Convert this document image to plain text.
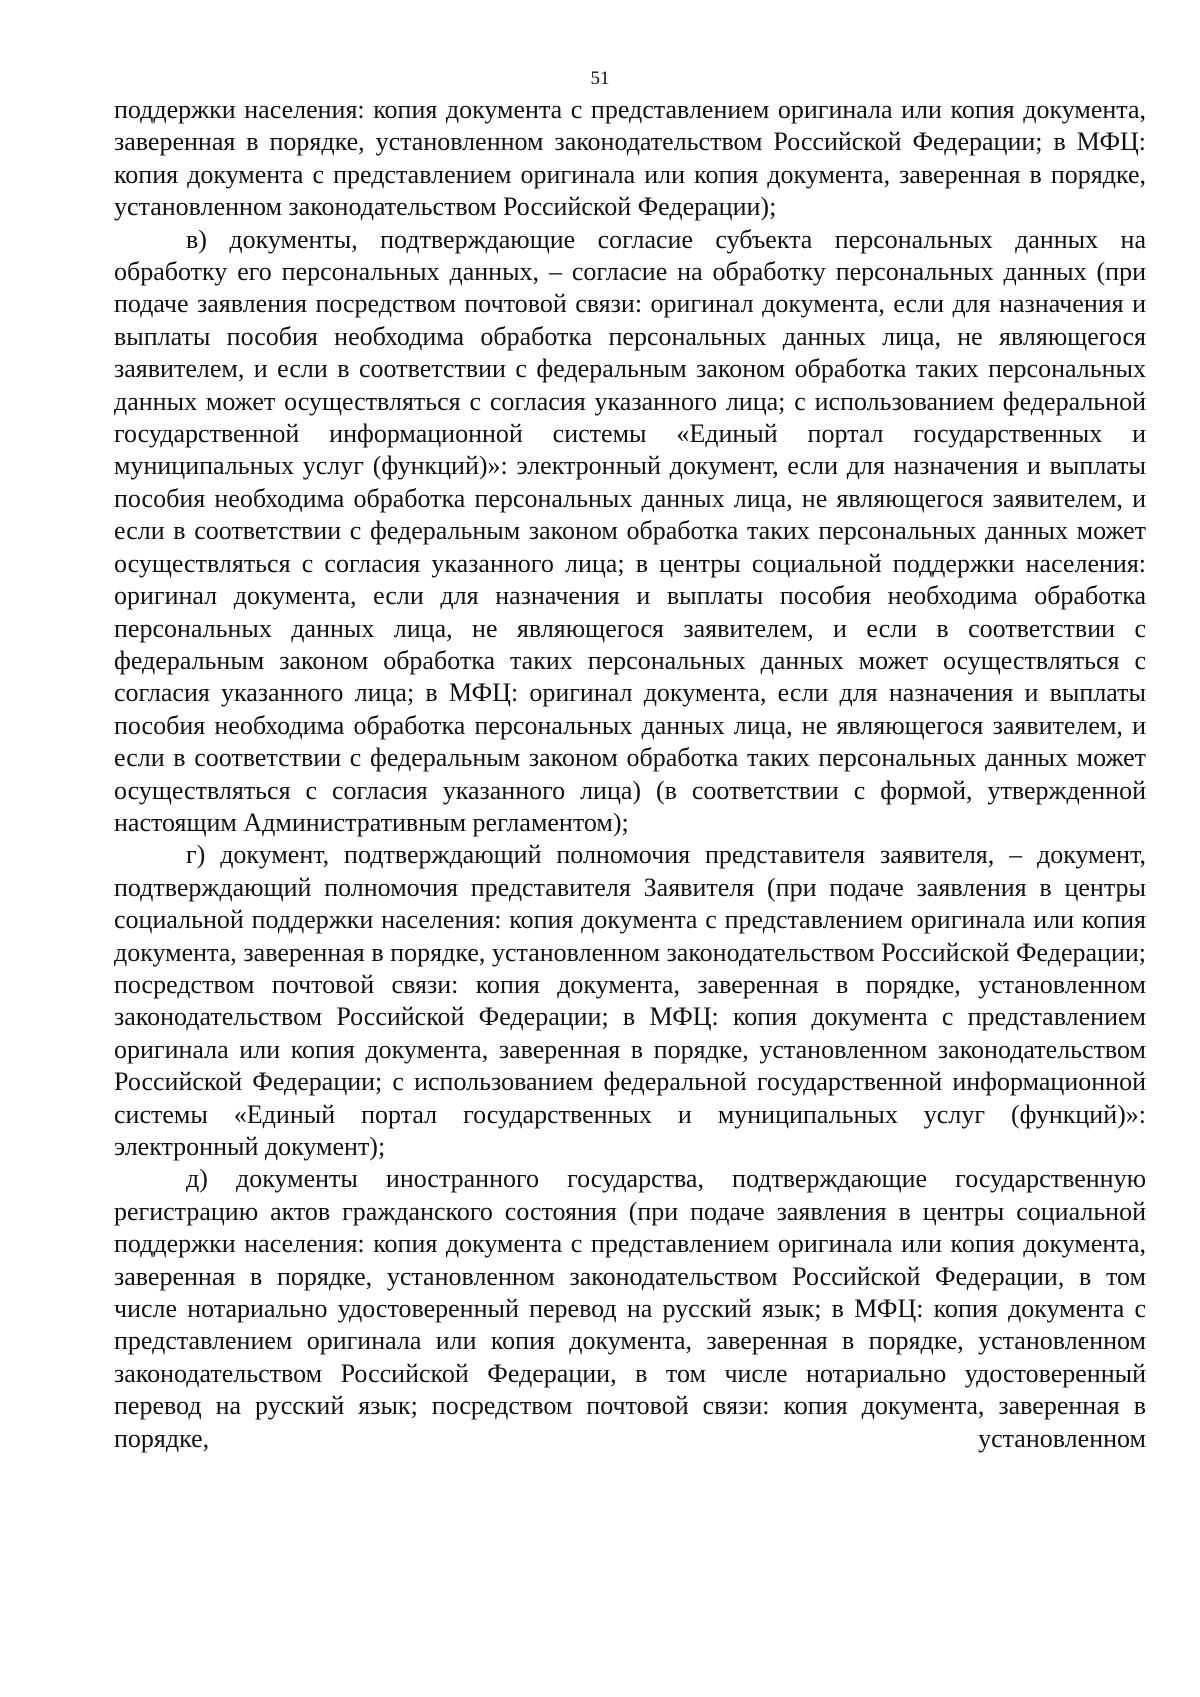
51

поддержки населения: копия документа с представлением оригинала или копия документа, заверенная в порядке, установленном законодательством Российской Федерации; в МФЦ: копия документа с представлением оригинала или копия документа, заверенная в порядке, установленном законодательством Российской Федерации);

в) документы, подтверждающие согласие субъекта персональных данных на обработку его персональных данных, – согласие на обработку персональных данных (при подаче заявления посредством почтовой связи: оригинал документа, если для назначения и выплаты пособия необходима обработка персональных данных лица, не являющегося заявителем, и если в соответствии с федеральным законом обработка таких персональных данных может осуществляться с согласия указанного лица; с использованием федеральной государственной информационной системы «Единый портал государственных и муниципальных услуг (функций)»: электронный документ, если для назначения и выплаты пособия необходима обработка персональных данных лица, не являющегося заявителем, и если в соответствии с федеральным законом обработка таких персональных данных может осуществляться с согласия указанного лица; в центры социальной поддержки населения: оригинал документа, если для назначения и выплаты пособия необходима обработка персональных данных лица, не являющегося заявителем, и если в соответствии с федеральным законом обработка таких персональных данных может осуществляться с согласия указанного лица; в МФЦ: оригинал документа, если для назначения и выплаты пособия необходима обработка персональных данных лица, не являющегося заявителем, и если в соответствии с федеральным законом обработка таких персональных данных может осуществляться с согласия указанного лица) (в соответствии с формой, утвержденной настоящим Административным регламентом);

г) документ, подтверждающий полномочия представителя заявителя, – документ, подтверждающий полномочия представителя Заявителя (при подаче заявления в центры социальной поддержки населения: копия документа с представлением оригинала или копия документа, заверенная в порядке, установленном законодательством Российской Федерации; посредством почтовой связи: копия документа, заверенная в порядке, установленном законодательством Российской Федерации; в МФЦ: копия документа с представлением оригинала или копия документа, заверенная в порядке, установленном законодательством Российской Федерации; с использованием федеральной государственной информационной системы «Единый портал государственных и муниципальных услуг (функций)»: электронный документ);

д) документы иностранного государства, подтверждающие государственную регистрацию актов гражданского состояния (при подаче заявления в центры социальной поддержки населения: копия документа с представлением оригинала или копия документа, заверенная в порядке, установленном законодательством Российской Федерации, в том числе нотариально удостоверенный перевод на русский язык; в МФЦ: копия документа с представлением оригинала или копия документа, заверенная в порядке, установленном законодательством Российской Федерации, в том числе нотариально удостоверенный перевод на русский язык; посредством почтовой связи: копия документа, заверенная в порядке, установленном
